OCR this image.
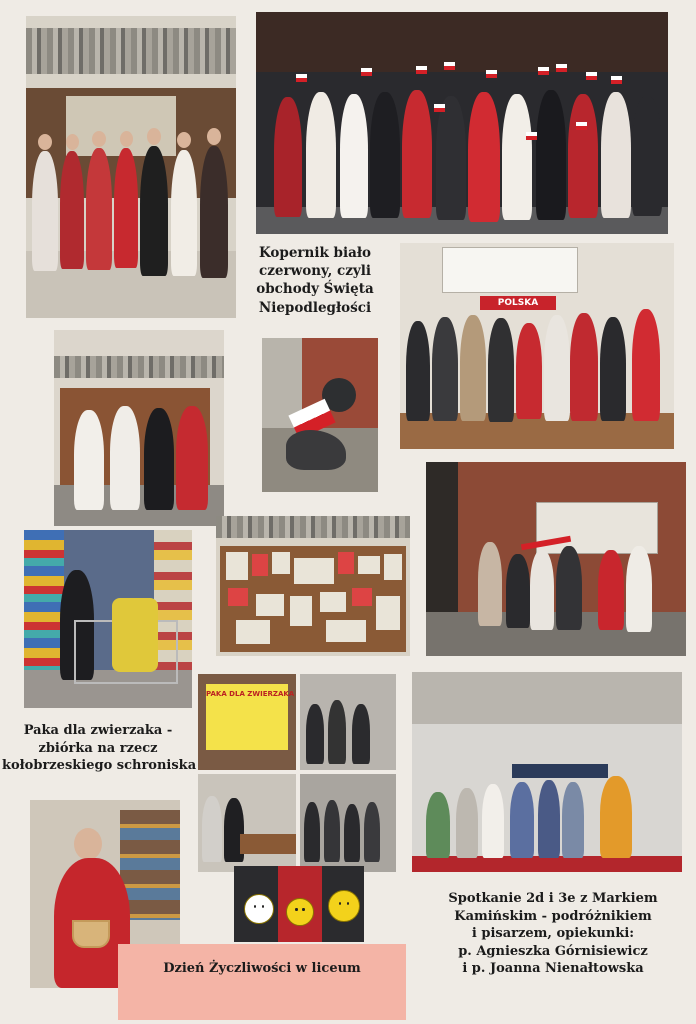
Kopernik biało
czerwony, czyli
obchody Święta
Niepodległości	POLSKA
Paka dla zwierzaka -
zbiórka na rzecz
kołobrzeskiego schroniska
PAKA DLA ZWIERZAKA
Dzień Życzliwości w liceum
Spotkanie 2d i 3e z Markiem
Kamińskim - podróżnikiem
i pisarzem, opiekunki:
p. Agnieszka Górnisiewicz
i p. Joanna Nienałtowska
